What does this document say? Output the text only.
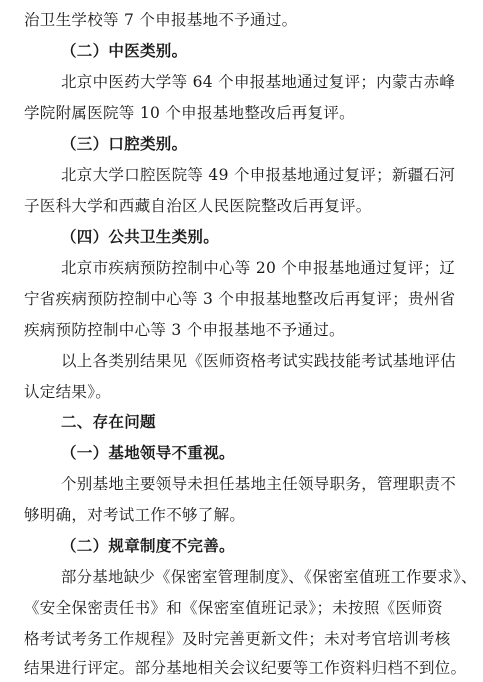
治卫生学校等 7 个申报基地不予通过。
（二）中医类别。
北京中医药大学等 64 个申报基地通过复评；内蒙古赤峰
学院附属医院等 10 个申报基地整改后再复评。
（三）口腔类别。
北京大学口腔医院等 49 个申报基地通过复评；新疆石河
子医科大学和西藏自治区人民医院整改后再复评。
（四）公共卫生类别。
北京市疾病预防控制中心等 20 个申报基地通过复评；辽
宁省疾病预防控制中心等 3 个申报基地整改后再复评；贵州省
疾病预防控制中心等 3 个申报基地不予通过。
以上各类别结果见《医师资格考试实践技能考试基地评估
认定结果》。
二、存在问题
（一）基地领导不重视。
个别基地主要领导未担任基地主任领导职务，管理职责不
够明确，对考试工作不够了解。
（二）规章制度不完善。
部分基地缺少《保密室管理制度》、《保密室值班工作要求》、
《安全保密责任书》和《保密室值班记录》；未按照《医师资
格考试考务工作规程》及时完善更新文件；未对考官培训考核
结果进行评定。部分基地相关会议纪要等工作资料归档不到位。
